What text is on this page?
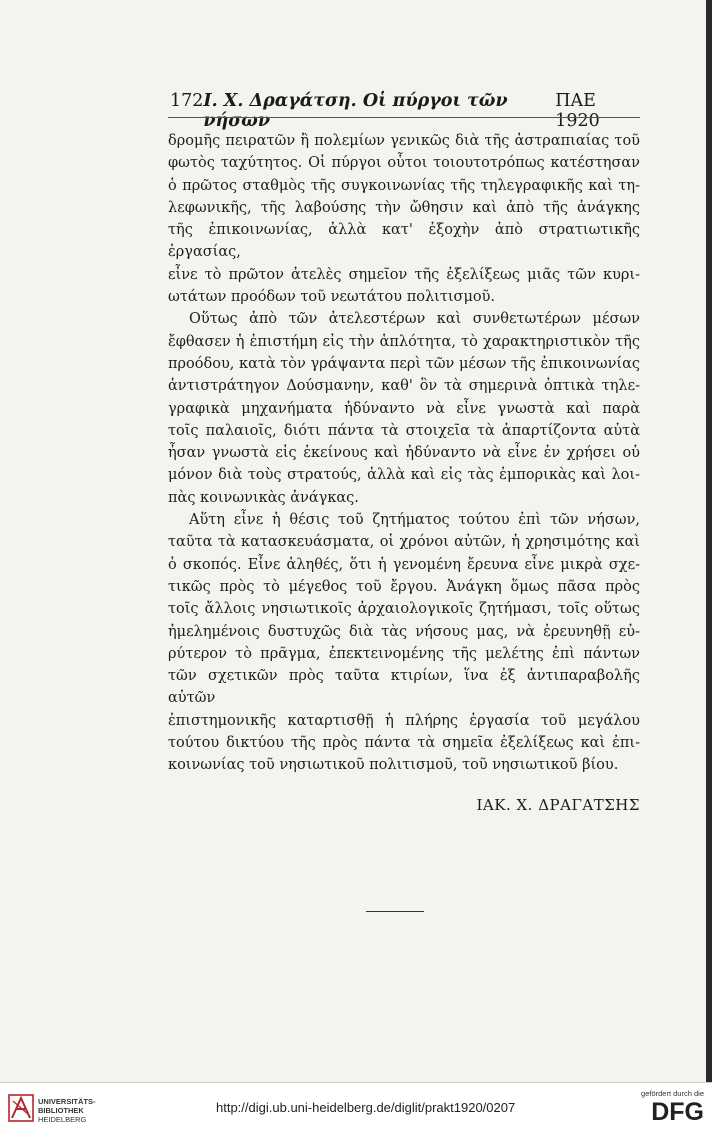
172 Ι. Χ. Δραγάτση. Οἱ πύργοι τῶν νήσων
ΠΑΕ 1920

δρομῆς πειρατῶν ἢ πολεμίων γενικῶς διὰ τῆς ἀστραπιαίας τοῦ

φωτὸς ταχύτητος. Οἱ πύργοι οὗτοι τοιουτοτρόπως κατέστησαν

ὁ πρῶτος σταθμὸς τῆς συγκοινωνίας τῆς τηλεγραφικῆς καὶ τη-

λεφωνικῆς, τῆς λαβούσης τὴν ὤθησιν καὶ ἀπὸ τῆς ἀνάγκης

τῆς ἐπικοινωνίας, ἀλλὰ κατ' ἐξοχὴν ἀπὸ στρατιωτικῆς ἐργασίας,

εἶνε τὸ πρῶτον ἀτελὲς σημεῖον τῆς ἐξελίξεως μιᾶς τῶν κυρι-

ωτάτων προόδων τοῦ νεωτάτου πολιτισμοῦ.

Οὕτως ἀπὸ τῶν ἀτελεστέρων καὶ συνθετωτέρων μέσων

ἔφθασεν ἡ ἐπιστήμη εἰς τὴν ἁπλότητα, τὸ χαρακτηριστικὸν τῆς

προόδου, κατὰ τὸν γράψαντα περὶ τῶν μέσων τῆς ἐπικοινωνίας

ἀντιστράτηγον Δούσμανην, καθ' ὃν τὰ σημερινὰ ὀπτικὰ τηλε-

γραφικὰ μηχανήματα ἠδύναντο νὰ εἶνε γνωστὰ καὶ παρὰ

τοῖς παλαιοῖς, διότι πάντα τὰ στοιχεῖα τὰ ἀπαρτίζοντα αὐτὰ

ἦσαν γνωστὰ εἰς ἐκείνους καὶ ἠδύναντο νὰ εἶνε ἐν χρήσει οὐ

μόνον διὰ τοὺς στρατούς, ἀλλὰ καὶ εἰς τὰς ἐμπορικὰς καὶ λοι-

πὰς κοινωνικὰς ἀνάγκας.

Αὕτη εἶνε ἡ θέσις τοῦ ζητήματος τούτου ἐπὶ τῶν νήσων,

ταῦτα τὰ κατασκευάσματα, οἱ χρόνοι αὐτῶν, ἡ χρησιμότης καὶ

ὁ σκοπός. Εἶνε ἀληθές, ὅτι ἡ γενομένη ἔρευνα εἶνε μικρὰ σχε-

τικῶς πρὸς τὸ μέγεθος τοῦ ἔργου. Ἀνάγκη ὅμως πᾶσα πρὸς

τοῖς ἄλλοις νησιωτικοῖς ἀρχαιολογικοῖς ζητήμασι, τοῖς οὕτως

ἠμελημένοις δυστυχῶς διὰ τὰς νήσους μας, νὰ ἐρευνηθῇ εὐ-

ρύτερον τὸ πρᾶγμα, ἐπεκτεινομένης τῆς μελέτης ἐπὶ πάντων

τῶν σχετικῶν πρὸς ταῦτα κτιρίων, ἵνα ἐξ ἀντιπαραβολῆς αὐτῶν

ἐπιστημονικῆς καταρτισθῇ ἡ πλήρης ἐργασία τοῦ μεγάλου

τούτου δικτύου τῆς πρὸς πάντα τὰ σημεῖα ἐξελίξεως καὶ ἐπι-

κοινωνίας τοῦ νησιωτικοῦ πολιτισμοῦ, τοῦ νησιωτικοῦ βίου.

ΙΑΚ. Χ. ΔΡΑΓΑΤΣΗΣ
UNIVERSITÄTS-
BIBLIOTHEK
HEIDELBERG
http://digi.ub.uni-heidelberg.de/diglit/prakt1920/0207
gefördert durch die
DFG
